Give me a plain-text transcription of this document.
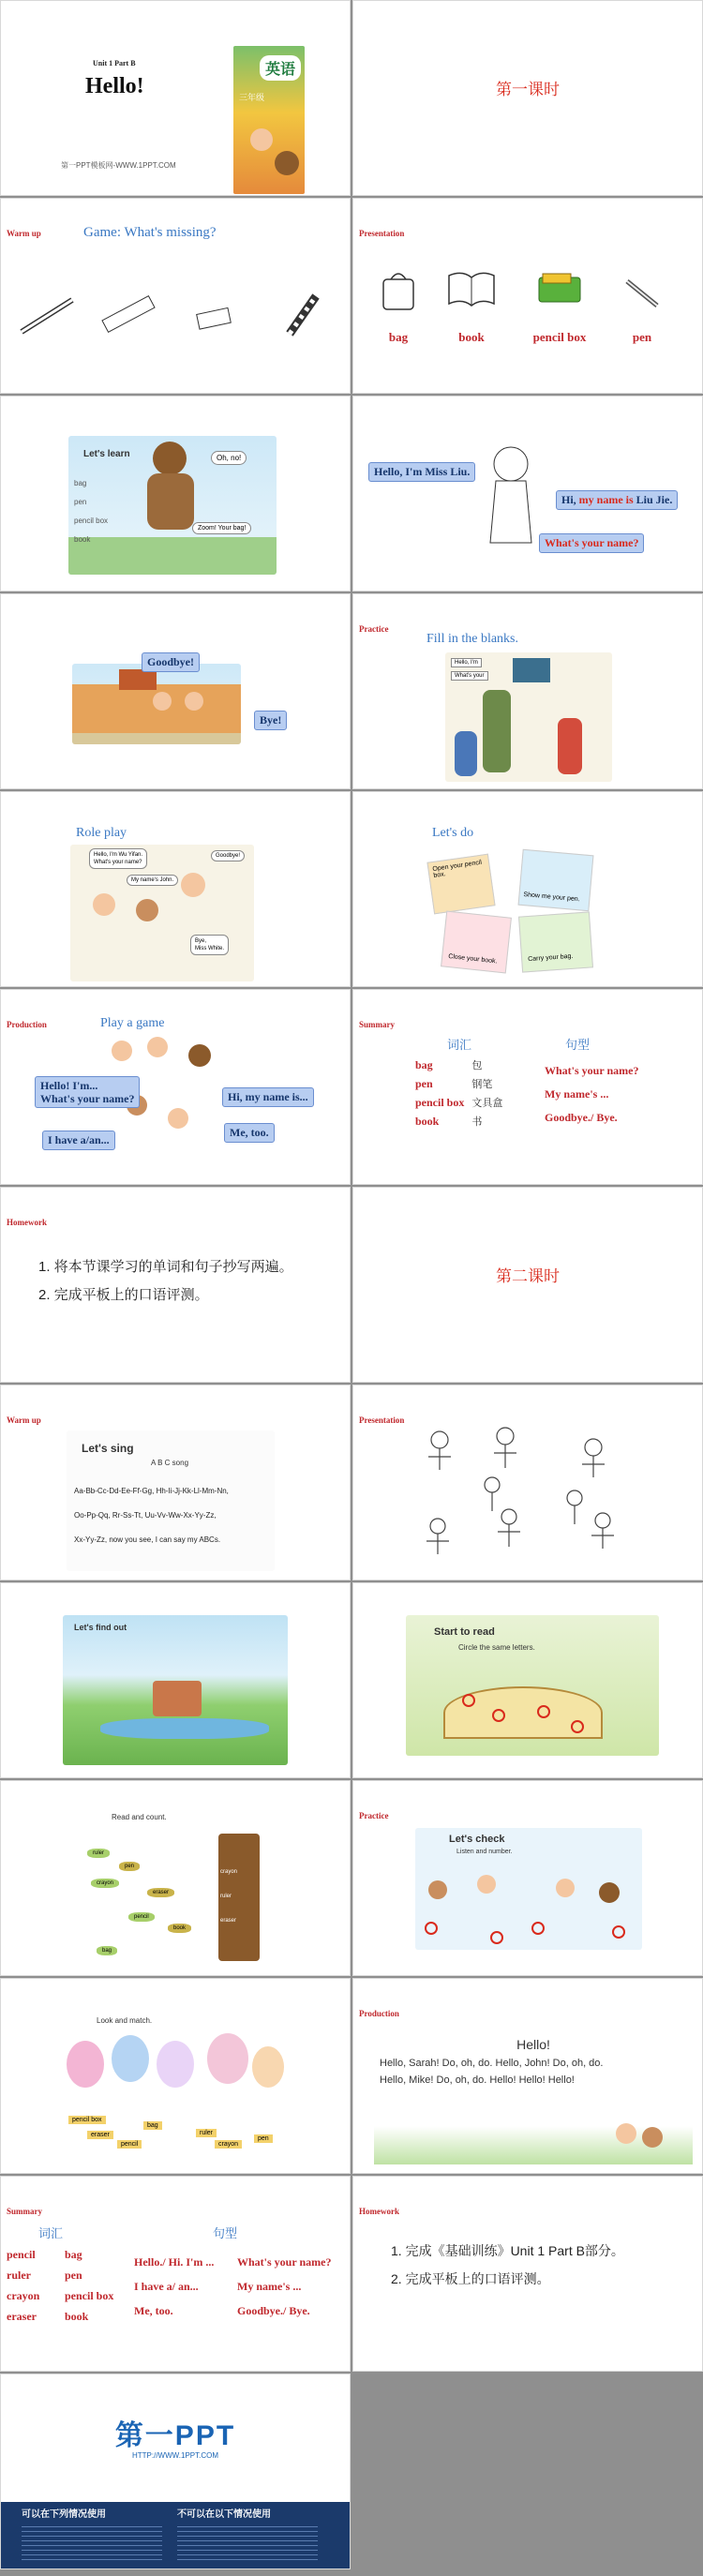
Unit 1 Part B
Hello!
第一PPT模板网-WWW.1PPT.COM
英语
三年级	第一课时
Warm up	Game: What's missing?	Presentation
bag	book	pencil box	pen
Let's learn
bag
pen
pencil box
book
Oh, no!
Zoom! Your bag!
Hello, I'm Miss Liu.
Hi, my name is Liu Jie.
What's your name?
Goodbye!
Bye!
Practice
Fill in the blanks.
Hello, I'm
What's your
Role play
Hello, I'm Wu Yifan.
What's your name?
My name's John.
Goodbye!
Bye,
Miss White.
Let's do
Open your pencil box.
Show me your pen.
Close your book.	Carry your bag.
Production	Play a game
Hello! I'm...
What's your name?	Hi, my name is...
I have a/an...
Me, too.
Summary
词汇	句型
bag	包
pen	钢笔
pencil box	文具盒
book	书
What's your name?
My name's ...
Goodbye./ Bye.
Homework
1. 将本节课学习的单词和句子抄写两遍。
2. 完成平板上的口语评测。
第二课时
Warm up
Let's sing
A B C song
Aa-Bb-Cc-Dd-Ee-Ff-Gg, Hh-Ii-Jj-Kk-Ll-Mm-Nn,
Oo-Pp-Qq, Rr-Ss-Tt, Uu-Vv-Ww-Xx-Yy-Zz,
Xx-Yy-Zz, now you see, I can say my ABCs.
Presentation
Let's find out	Start to read
Circle the same letters.
Read and count.
ruler
pen
crayon
eraser
bag
pencil
book
crayon
ruler
eraser
Practice
Let's check
Listen and number.
Look and match.
pencil box
bag
ruler
eraser
pencil	crayon
pen
Production
Hello!
Hello, Sarah! Do, oh, do. Hello, John! Do, oh, do.
Hello, Mike! Do, oh, do. Hello! Hello! Hello!
Summary
词汇	句型
pencil
ruler
crayon
eraser
bag
pen
pencil box
book
Hello./ Hi. I'm ...
I have a/ an...
Me, too.
What's your name?
My name's ...
Goodbye./ Bye.
Homework
1. 完成《基础训练》Unit 1 Part B部分。
2. 完成平板上的口语评测。
第一PPT
HTTP://WWW.1PPT.COM
可以在下列情况使用	不可以在以下情况使用
